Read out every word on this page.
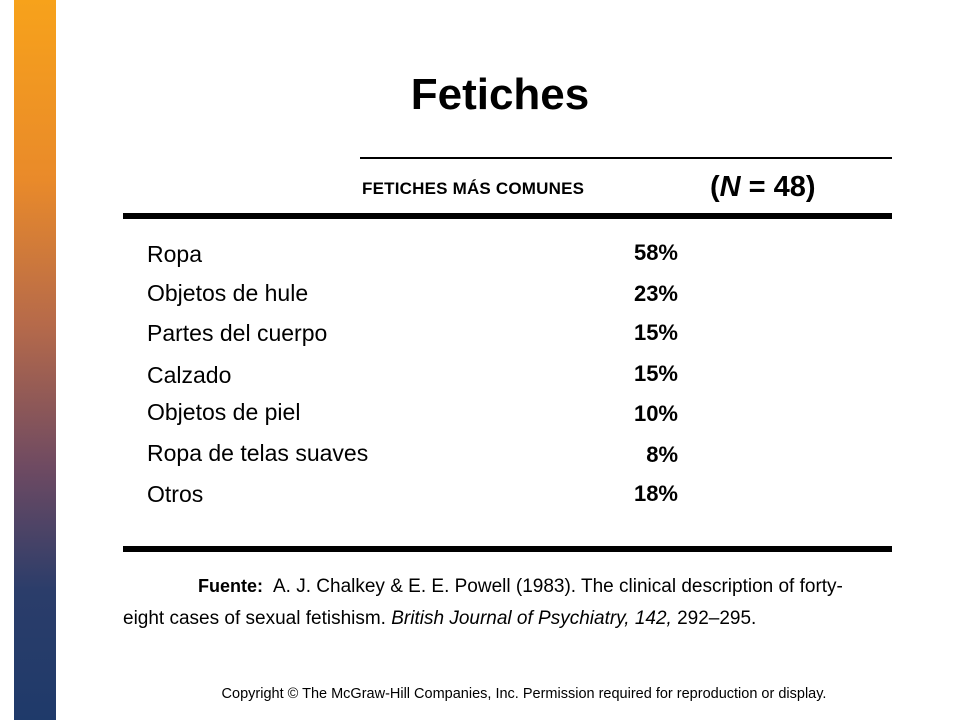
Fetiches
FETICHES MÁS COMUNES	(N = 48)
Ropa	58%
Objetos de hule	23%
Partes del cuerpo	15%
Calzado	15%
Objetos de piel	10%
Ropa de telas suaves	8%
Otros	18%
Fuente: A. J. Chalkey & E. E. Powell (1983). The clinical description of forty-eight cases of sexual fetishism. British Journal of Psychiatry, 142, 292–295.
Copyright © The McGraw-Hill Companies, Inc. Permission required for reproduction or display.
